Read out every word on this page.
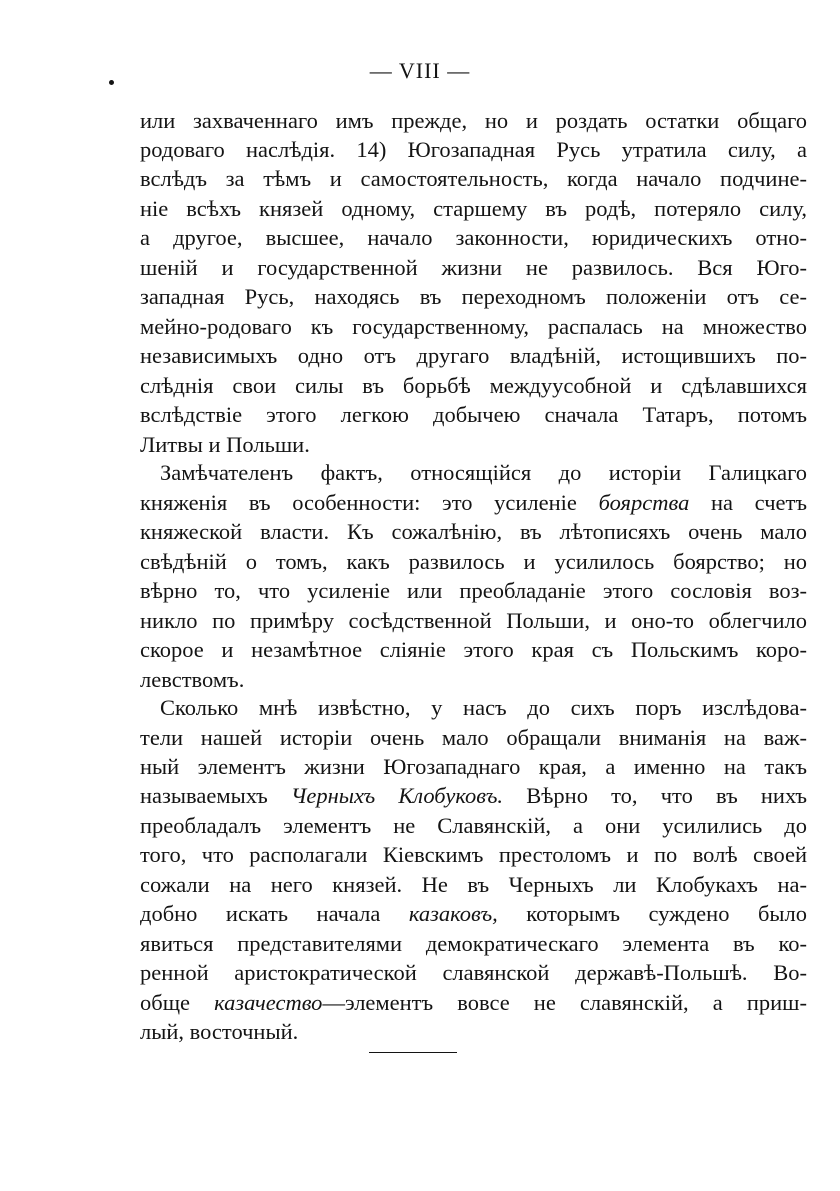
— VIII —
или захваченнаго имъ прежде, но и роздать остатки общаго
родоваго наслѣдія. 14) Югозападная Русь утратила силу, а
вслѣдъ за тѣмъ и самостоятельность, когда начало подчине-
ніе всѣхъ князей одному, старшему въ родѣ, потеряло силу,
а другое, высшее, начало законности, юридическихъ отно-
шеній и государственной жизни не развилось. Вся Юго-
западная Русь, находясь въ переходномъ положеніи отъ се-
мейно-родоваго къ государственному, распалась на множество
независимыхъ одно отъ другаго владѣній, истощившихъ по-
слѣднія свои силы въ борьбѣ междуусобной и сдѣлавшихся
вслѣдствіе этого легкою добычею сначала Татаръ, потомъ
Литвы и Польши.
Замѣчателенъ фактъ, относящійся до исторіи Галицкаго
княженія въ особенности: это усиленіе боярства на счетъ
княжеской власти. Къ сожалѣнію, въ лѣтописяхъ очень мало
свѣдѣній о томъ, какъ развилось и усилилось боярство; но
вѣрно то, что усиленіе или преобладаніе этого сословія воз-
никло по примѣру сосѣдственной Польши, и оно-то облегчило
скорое и незамѣтное сліяніе этого края съ Польскимъ коро-
левствомъ.
Сколько мнѣ извѣстно, у насъ до сихъ поръ изслѣдова-
тели нашей исторіи очень мало обращали вниманія на важ-
ный элементъ жизни Югозападнаго края, а именно на такъ
называемыхъ Черныхъ Клобуковъ. Вѣрно то, что въ нихъ
преобладалъ элементъ не Славянскій, а они усилились до
того, что располагали Кіевскимъ престоломъ и по волѣ своей
сожали на него князей. Не въ Черныхъ ли Клобукахъ на-
добно искать начала казаковъ, которымъ суждено было
явиться представителями демократическаго элемента въ ко-
ренной аристократической славянской державѣ-Польшѣ. Во-
обще казачество—элементъ вовсе не славянскій, а приш-
лый, восточный.
